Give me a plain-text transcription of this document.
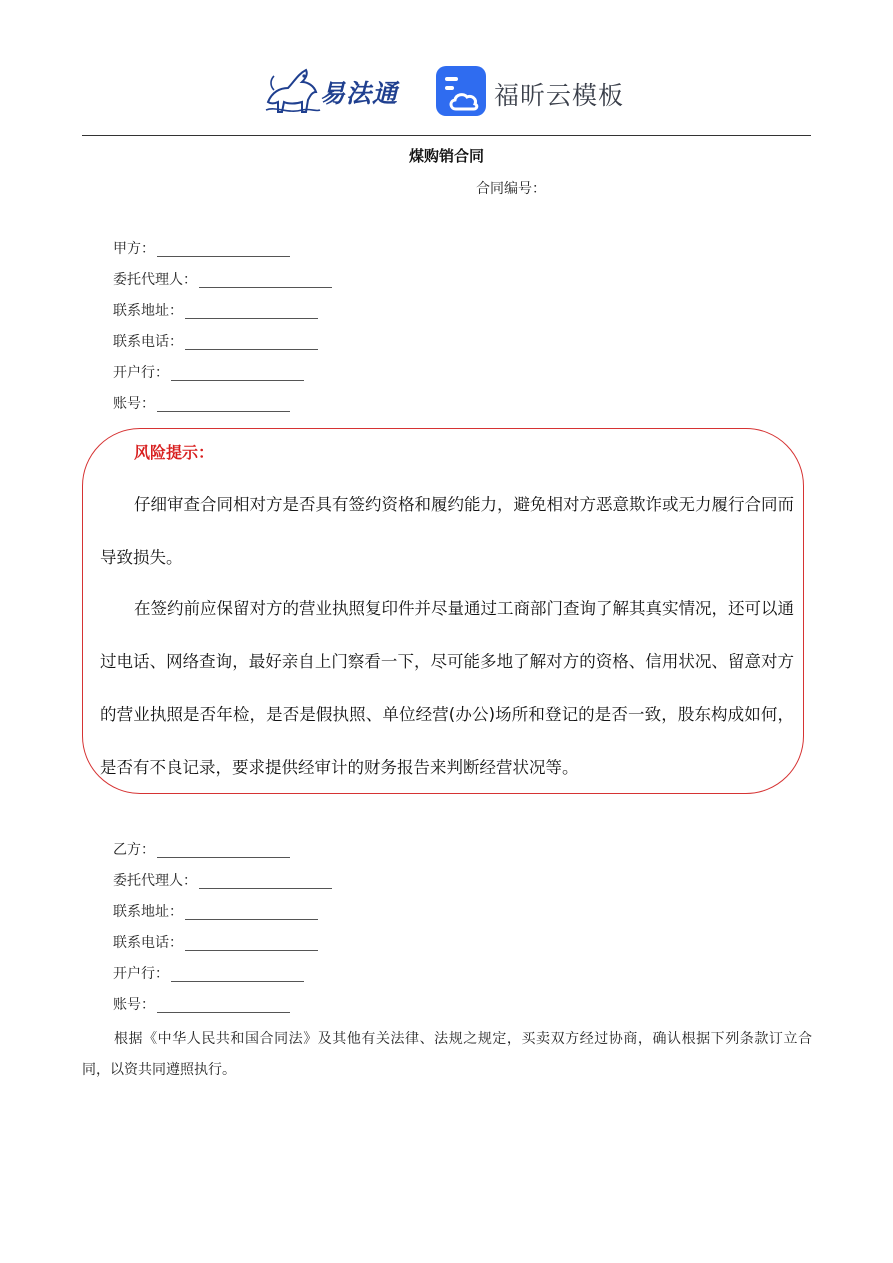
易法通	福昕云模板
煤购销合同
合同编号：
甲方：
委托代理人：
联系地址：
联系电话：
开户行：
账号：
风险提示：

仔细审查合同相对方是否具有签约资格和履约能力，避免相对方恶意欺诈或无力履行合同而导致损失。

在签约前应保留对方的营业执照复印件并尽量通过工商部门查询了解其真实情况，还可以通过电话、网络查询，最好亲自上门察看一下，尽可能多地了解对方的资格、信用状况、留意对方的营业执照是否年检，是否是假执照、单位经营(办公)场所和登记的是否一致，股东构成如何，是否有不良记录，要求提供经审计的财务报告来判断经营状况等。

乙方：
委托代理人：
联系地址：
联系电话：
开户行：
账号：

根据《中华人民共和国合同法》及其他有关法律、法规之规定，买卖双方经过协商，确认根据下列条款订立合同，以资共同遵照执行。
